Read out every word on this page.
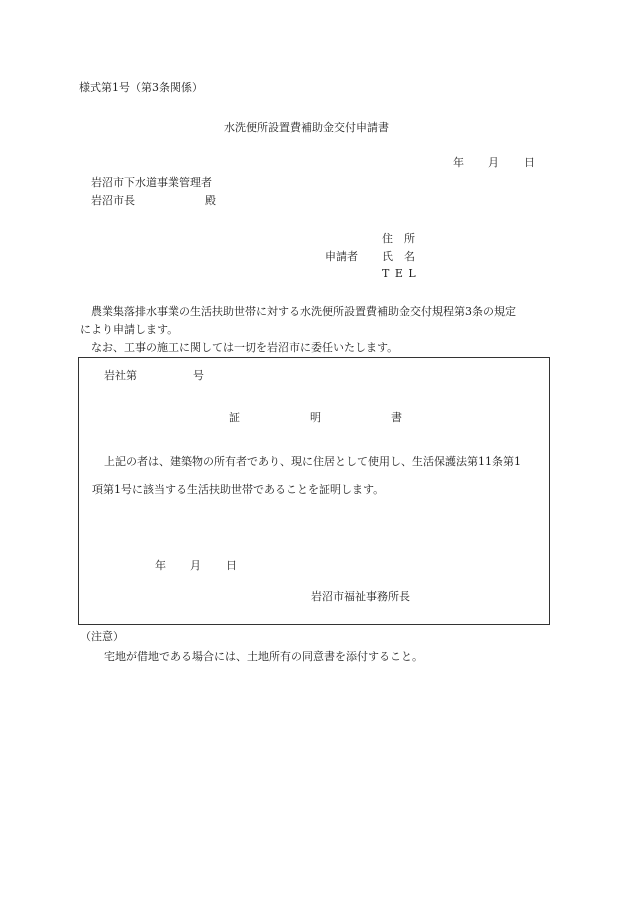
様式第1号（第3条関係）
水洗便所設置費補助金交付申請書
年 月 日
岩沼市下水道事業管理者
岩沼市長	殿
住　所
申請者 氏　名
T E L
農業集落排水事業の生活扶助世帯に対する水洗便所設置費補助金交付規程第3条の規定
により申請します。
なお、工事の施工に関しては一切を岩沼市に委任いたします。
岩社第	号
証	明	書
上記の者は、建築物の所有者であり、現に住居として使用し、生活保護法第11条第1
項第1号に該当する生活扶助世帯であることを証明します。
年 月 日
岩沼市福祉事務所長
（注意）
宅地が借地である場合には、土地所有の同意書を添付すること。
